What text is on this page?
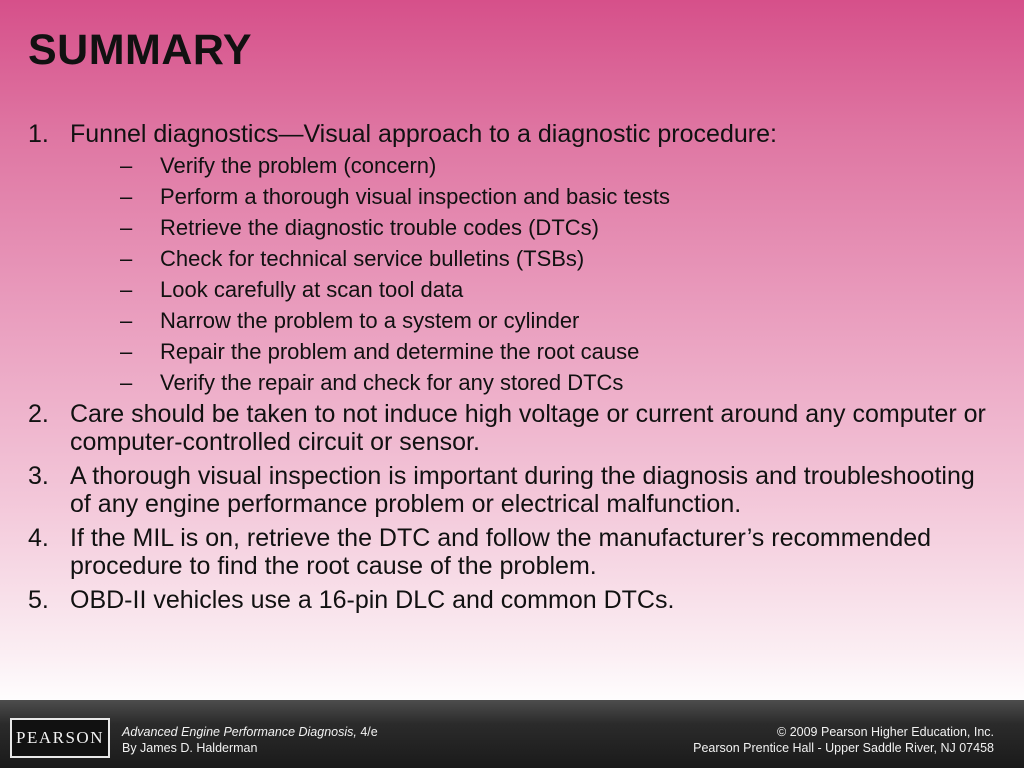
SUMMARY
1. Funnel diagnostics—Visual approach to a diagnostic procedure:
– Verify the problem (concern)
– Perform a thorough visual inspection and basic tests
– Retrieve the diagnostic trouble codes (DTCs)
– Check for technical service bulletins (TSBs)
– Look carefully at scan tool data
– Narrow the problem to a system or cylinder
– Repair the problem and determine the root cause
– Verify the repair and check for any stored DTCs
2. Care should be taken to not induce high voltage or current around any computer or computer-controlled circuit or sensor.
3. A thorough visual inspection is important during the diagnosis and troubleshooting of any engine performance problem or electrical malfunction.
4. If the MIL is on, retrieve the DTC and follow the manufacturer’s recommended procedure to find the root cause of the problem.
5. OBD-II vehicles use a 16-pin DLC and common DTCs.
PEARSON	Advanced Engine Performance Diagnosis, 4/e
By James D. Halderman
© 2009 Pearson Higher Education, Inc.
Pearson Prentice Hall - Upper Saddle River, NJ 07458
